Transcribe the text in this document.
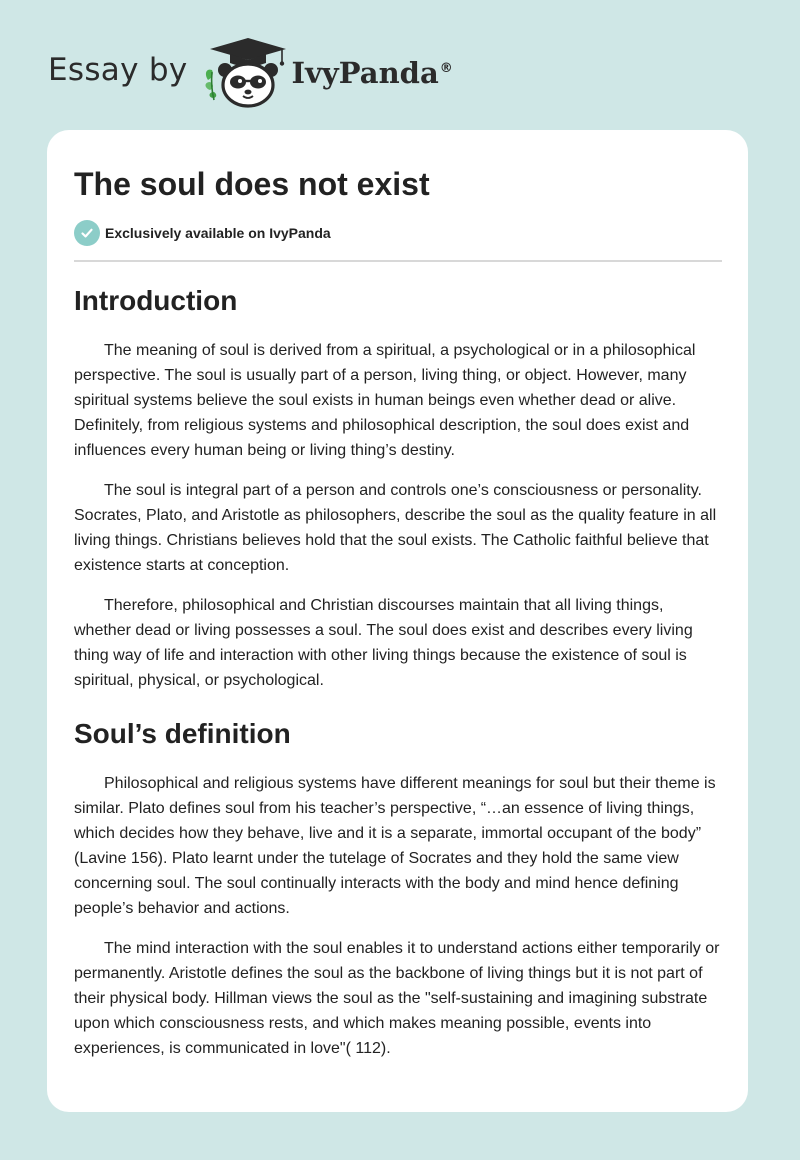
Essay by	IvyPanda®
The soul does not exist
Exclusively available on IvyPanda
Introduction

The meaning of soul is derived from a spiritual, a psychological or in a philosophical perspective. The soul is usually part of a person, living thing, or object. However, many spiritual systems believe the soul exists in human beings even whether dead or alive. Definitely, from religious systems and philosophical description, the soul does exist and influences every human being or living thing’s destiny.

The soul is integral part of a person and controls one’s consciousness or personality. Socrates, Plato, and Aristotle as philosophers, describe the soul as the quality feature in all living things. Christians believes hold that the soul exists. The Catholic faithful believe that existence starts at conception.

Therefore, philosophical and Christian discourses maintain that all living things, whether dead or living possesses a soul. The soul does exist and describes every living thing way of life and interaction with other living things because the existence of soul is spiritual, physical, or psychological.

Soul’s definition

Philosophical and religious systems have different meanings for soul but their theme is similar. Plato defines soul from his teacher’s perspective, “…an essence of living things, which decides how they behave, live and it is a separate, immortal occupant of the body” (Lavine 156). Plato learnt under the tutelage of Socrates and they hold the same view concerning soul. The soul continually interacts with the body and mind hence defining people’s behavior and actions.

The mind interaction with the soul enables it to understand actions either temporarily or permanently. Aristotle defines the soul as the backbone of living things but it is not part of their physical body. Hillman views the soul as the "self-sustaining and imagining substrate upon which consciousness rests, and which makes meaning possible, events into experiences, is communicated in love"( 112).
